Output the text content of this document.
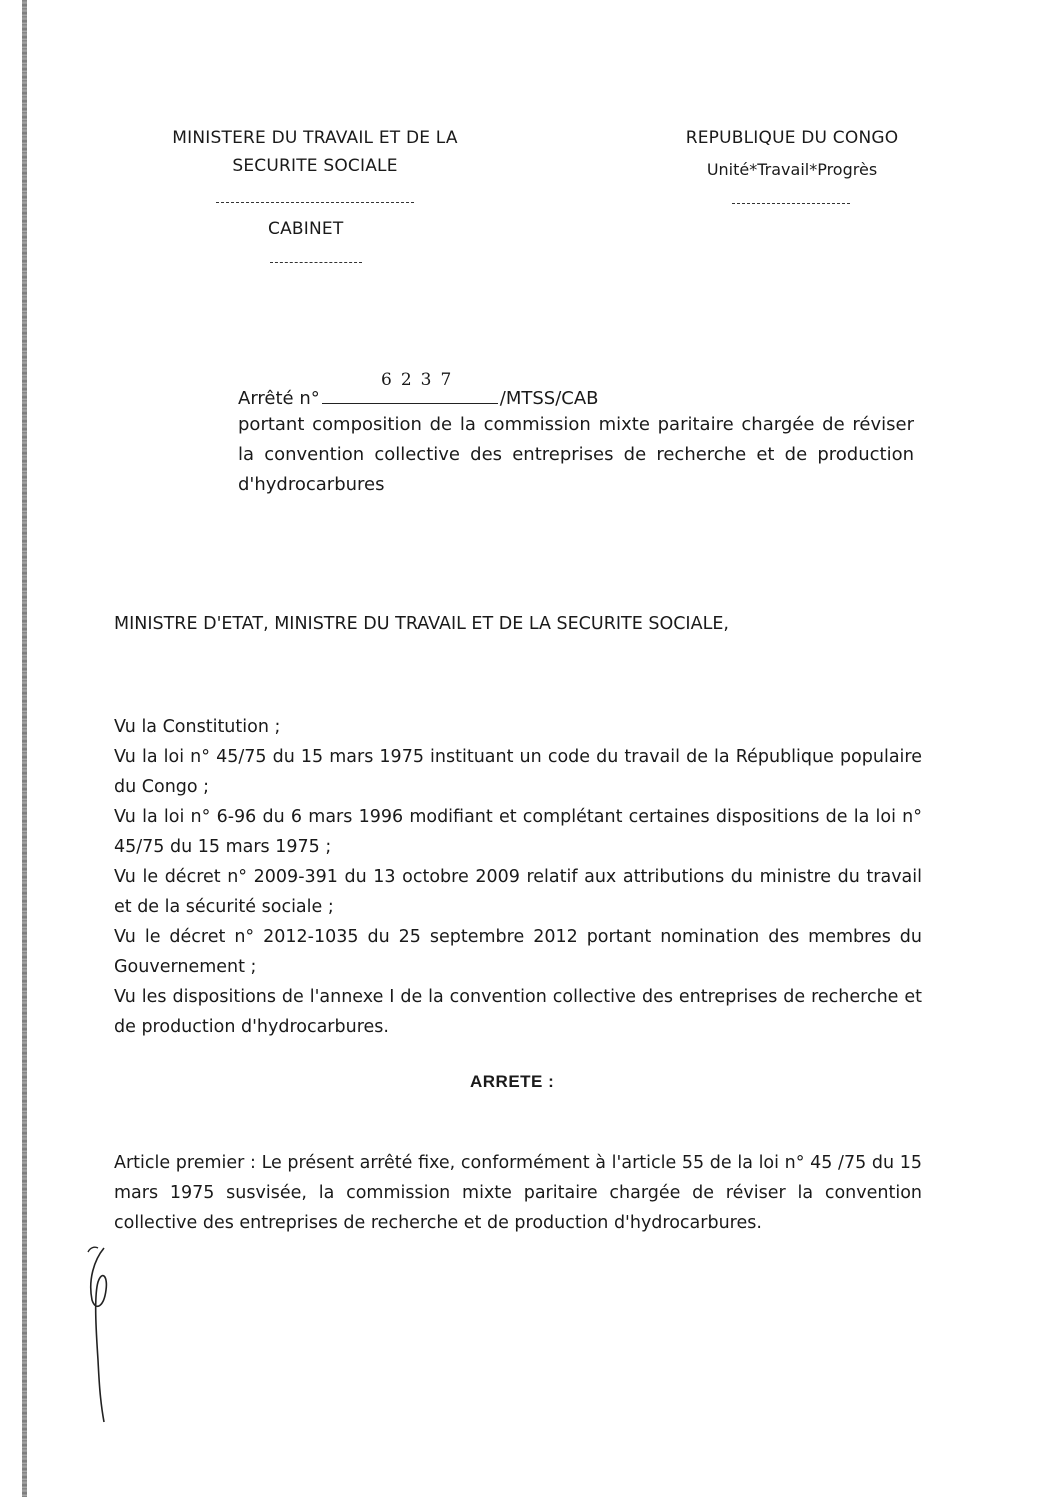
MINISTERE DU TRAVAIL ET DE LA
SECURITE SOCIALE
CABINET
REPUBLIQUE DU CONGO
Unité*Travail*Progrès
6237
Arrêté n°	/MTSS/CAB
portant composition de la commission mixte paritaire chargée de réviser la convention collective des entreprises de recherche et de production d'hydrocarbures
MINISTRE D'ETAT, MINISTRE DU TRAVAIL ET DE LA SECURITE SOCIALE,
Vu la Constitution ;
Vu la loi n° 45/75 du 15 mars 1975 instituant un code du travail de la République populaire du Congo ;
Vu la loi n° 6-96 du 6 mars 1996 modifiant et complétant certaines dispositions de la loi n° 45/75 du 15 mars 1975 ;
Vu le décret n° 2009-391 du 13 octobre 2009 relatif aux attributions du ministre du travail et de la sécurité sociale ;
Vu le décret n° 2012-1035 du 25 septembre 2012 portant nomination des membres du Gouvernement ;
Vu les dispositions de l'annexe I de la convention collective des entreprises de recherche et de production d'hydrocarbures.
ARRETE :
Article premier : Le présent arrêté fixe, conformément à l'article 55 de la loi n° 45 /75 du 15 mars 1975 susvisée, la commission mixte paritaire chargée de réviser la convention collective des entreprises de recherche et de production d'hydrocarbures.
